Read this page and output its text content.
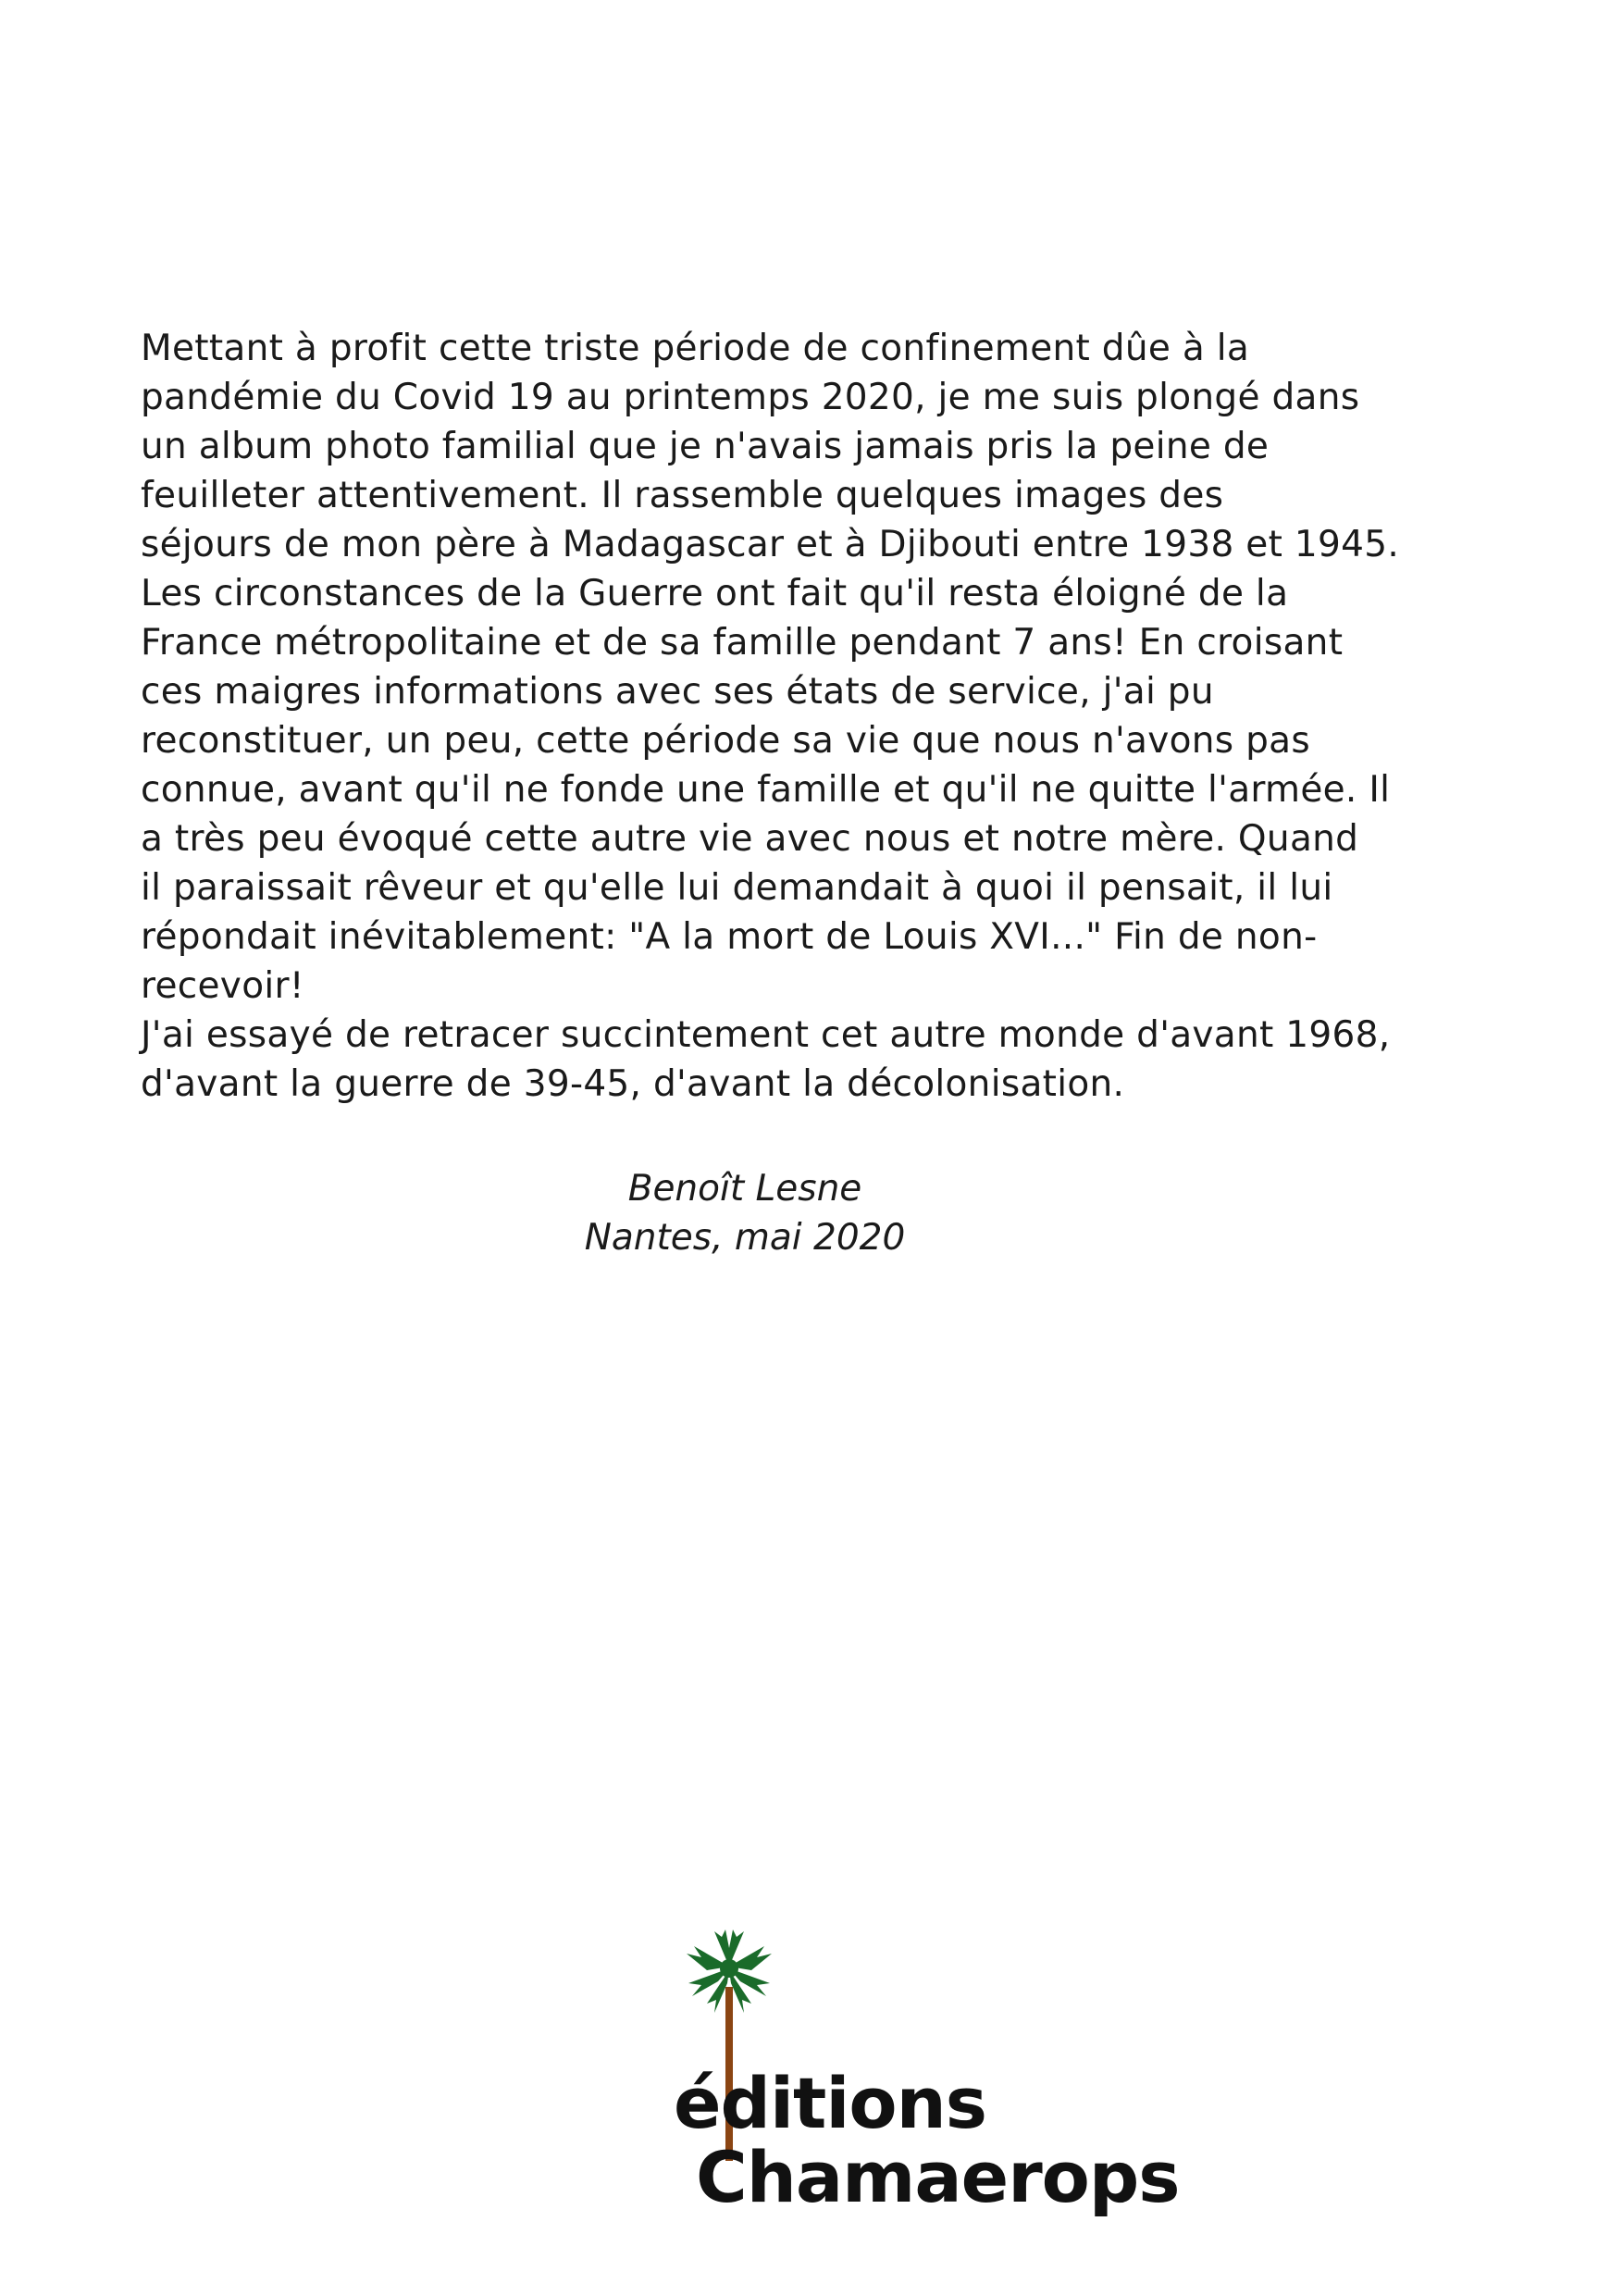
Mettant à profit cette triste période de confinement dûe à la
pandémie du Covid 19 au printemps 2020, je me suis plongé dans
un album photo familial que je n'avais jamais pris la peine de
feuilleter attentivement. Il rassemble quelques images des
séjours de mon père à Madagascar et à Djibouti entre 1938 et 1945.
Les circonstances de la Guerre ont fait qu'il resta éloigné de la
France métropolitaine et de sa famille pendant 7 ans! En croisant
ces maigres informations avec ses états de service, j'ai pu
reconstituer, un peu, cette période sa vie que nous n'avons pas
connue, avant qu'il ne fonde une famille et qu'il ne quitte l'armée. Il
a très peu évoqué cette autre vie avec nous et notre mère. Quand
il paraissait rêveur et qu'elle lui demandait à quoi il pensait, il lui
répondait inévitablement: "A la mort de Louis XVI..." Fin de non-
recevoir!
J'ai essayé de retracer succintement cet autre monde d'avant 1968,
d'avant la guerre de 39-45, d'avant la décolonisation.
Benoît Lesne
Nantes, mai 2020
éditions
Chamaerops
